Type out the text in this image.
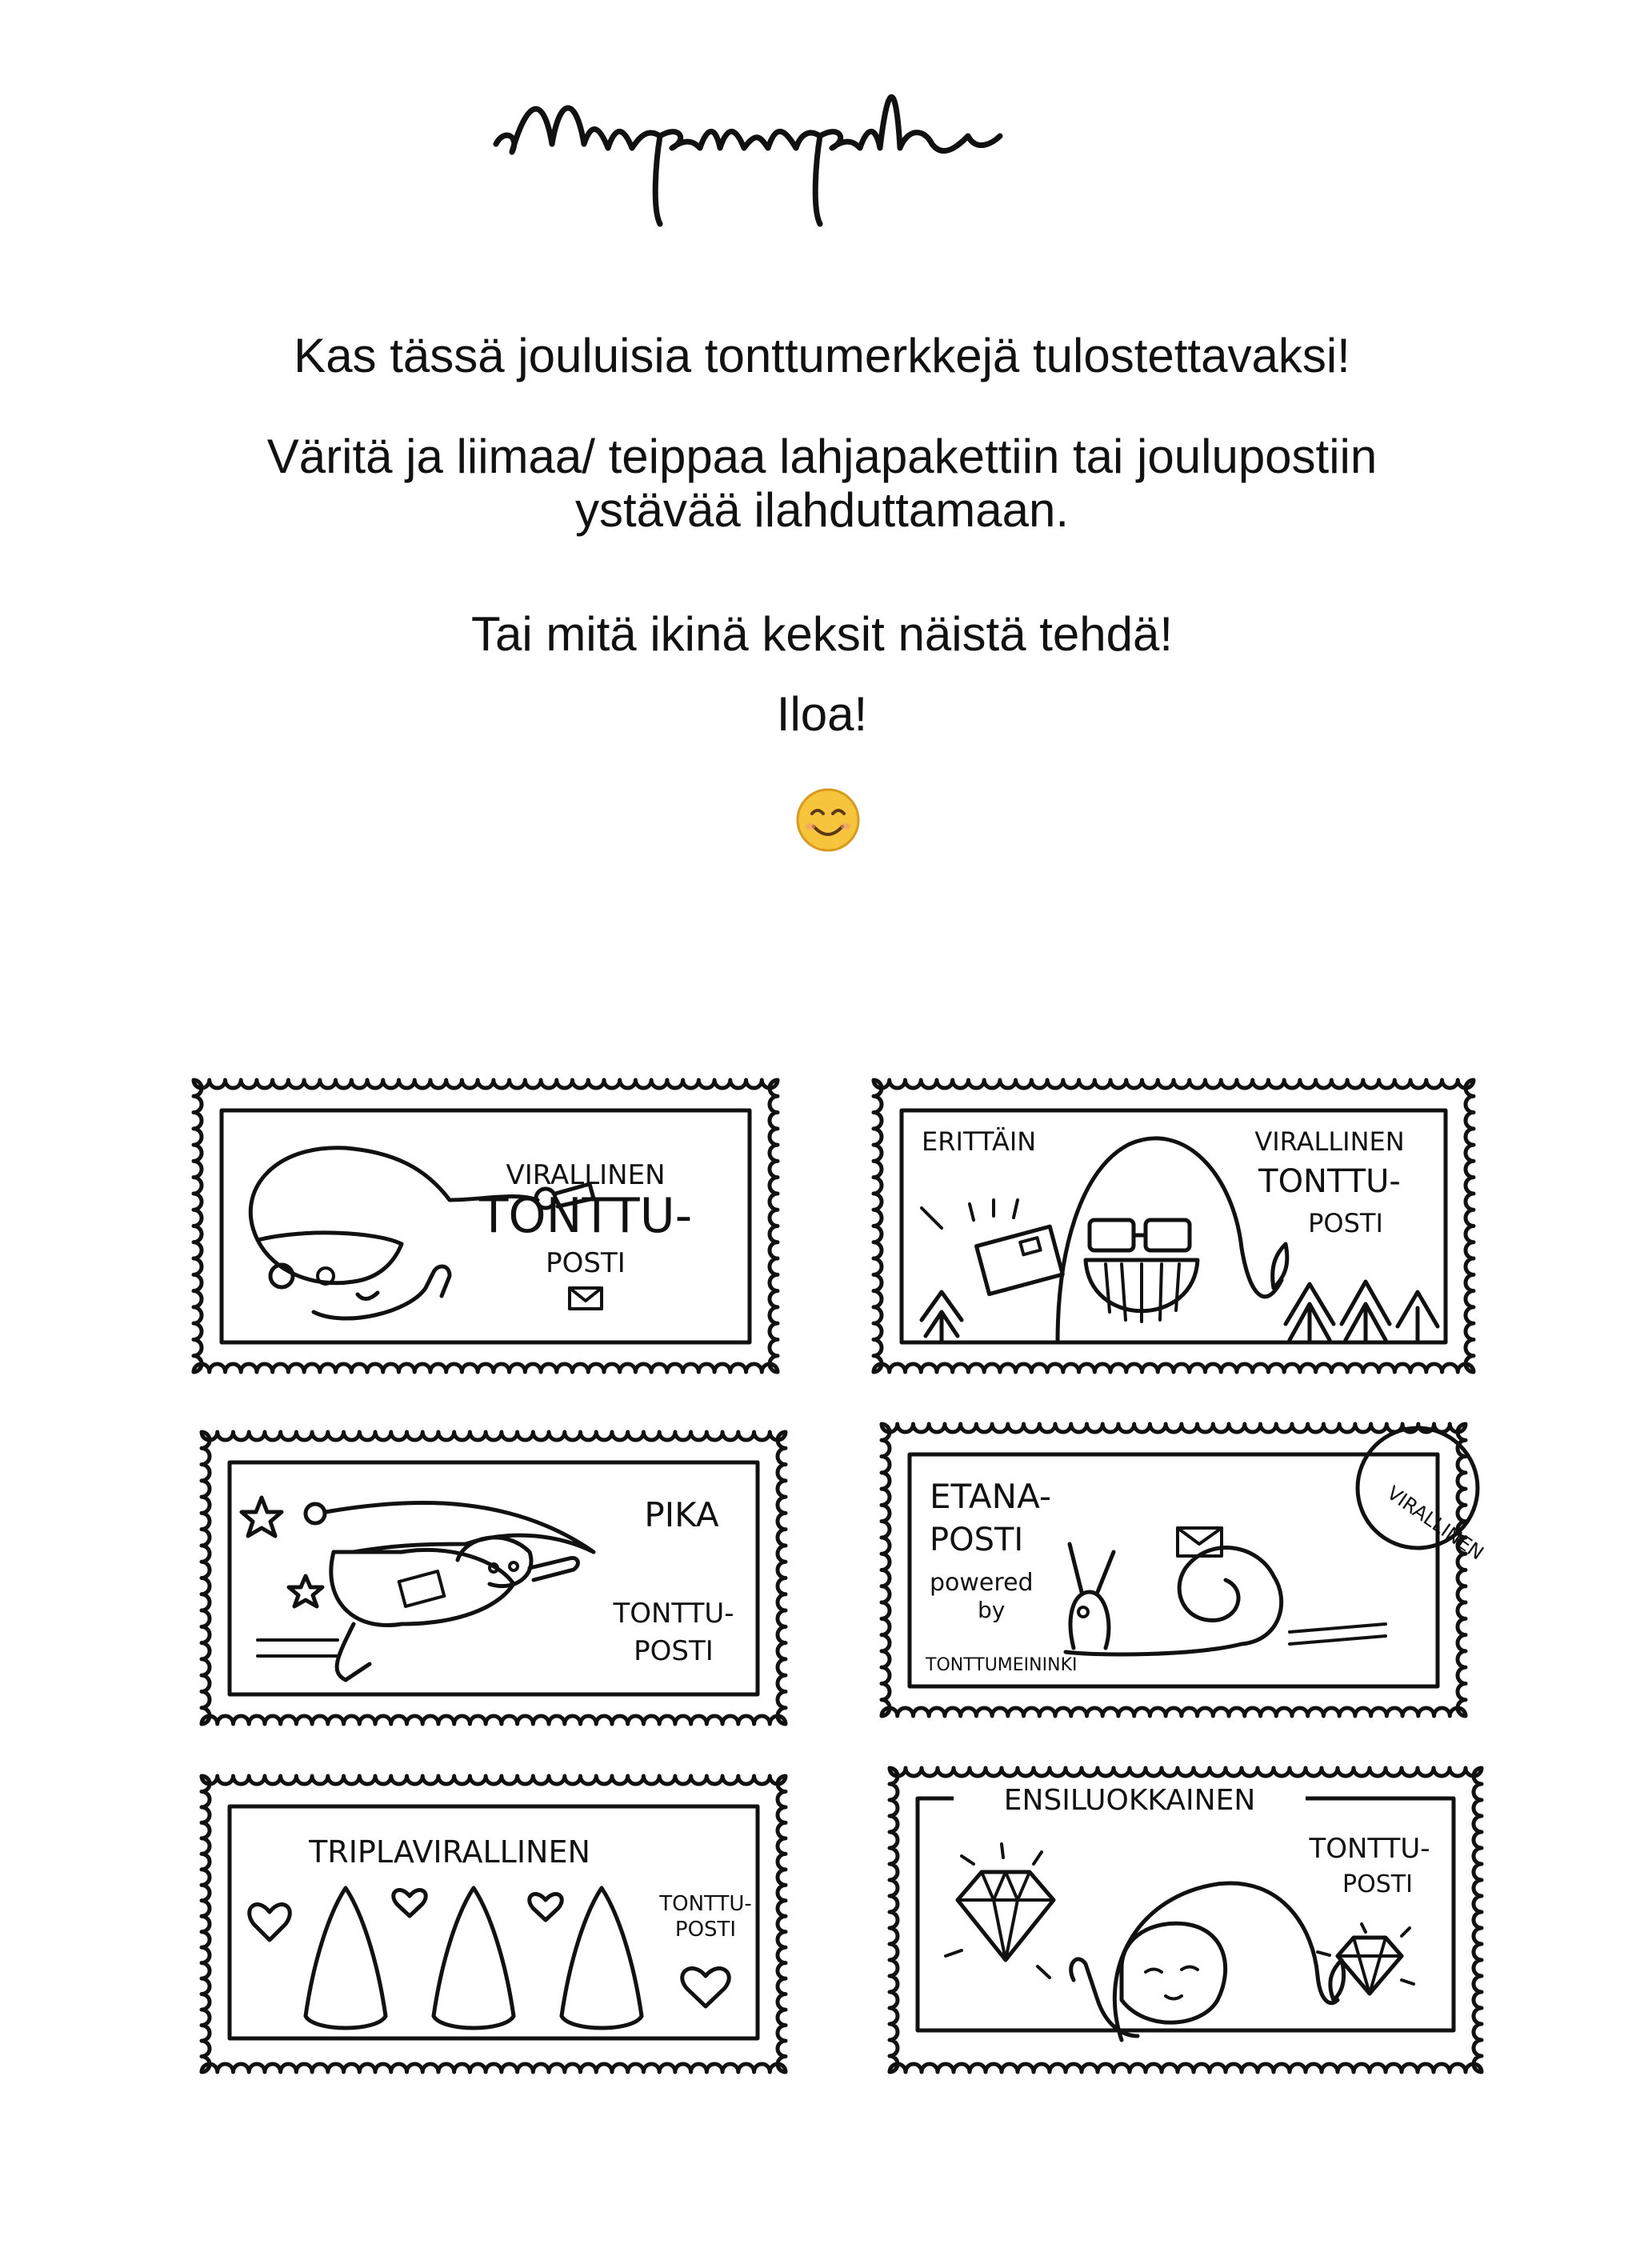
Murupumpula
Kas tässä jouluisia tonttumerkkejä tulostettavaksi!
Väritä ja liimaa/ teippaa lahjapakettiin tai joulupostiin
ystävää ilahduttamaan.
Tai mitä ikinä keksit näistä tehdä!
Iloa!
VIRALLINEN
TONTTU-
POSTI
ERITTÄIN	VIRALLINEN
TONTTU-
POSTI
PIKA
TONTTU-
POSTI
ETANA-
POSTI
powered
by
TONTTUMEININKI
VIRALLINEN
TRIPLAVIRALLINEN
TONTTU-
POSTI
ENSILUOKKAINEN
TONTTU-
POSTI
